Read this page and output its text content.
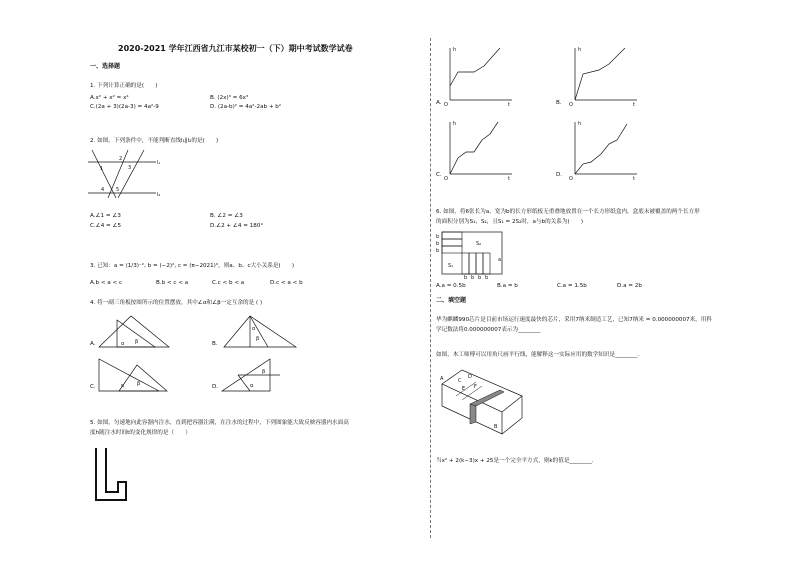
2020-2021 学年江西省九江市某校初一（下）期中考试数学试卷
一、选择题
1. 下列计算正确的是(　　)
A.x² + x² = x⁴	B. (2x)³ = 6x³
C.(2a + 3)(2a-3) = 4a²-9	D. (2a-b)² = 4a²-2ab + b²
2. 如图，下列条件中，不能判断直线l₁∥l₂的是(　　)
1
2
3
4 5
l₁
l₂
A.∠1 = ∠3	B. ∠2 = ∠3
C.∠4 = ∠5	D.∠2 + ∠4 = 180°
3. 已知：a = (1/3)⁻², b = (−2)², c = (π−2021)⁰，则a、b、c大小关系是(　　)
A.b < a < c	B.b < c < a	C.c < b < a	D.c < a < b
4. 将一副三角板按图所示的位置摆放，其中∠α和∠β一定互余的是 ( )
A.	α β	B.
α
β
C.	α	β	D.	α
β
5. 如图，匀速地向此容器内注水，直到把容器注满，在注水的过程中，下列图象能大致反映容器内水面高
度h随注水时间t的变化规律的是（　　）
h
O	t
A.
h
O	t
B.
h
O	t
C.
h
O	t
D.
6. 如图，将6张长为a，宽为b的长方形纸板无重叠地放置在一个长方形纸盒内，盒底未被覆盖的两个长方形
的面积分别为S₁，S₂，且S₁ = 2S₂时，a与b的关系为(　　)
b
b
b
S₁
S₂
a
b b b b
A.a = 0.5b	B.a = b	C.a = 1.5b	D.a = 2b
二、填空题
华为麒麟990芯片是目前市场运行速度最快的芯片，采用7纳米制造工艺，已知7纳米 = 0.000000007米，用科
学记数法将0.000000007表示为________
如图，木工师傅可以用角尺画平行线，能解释这一实际应用的数学知识是________.
A	C
D
E F
B
当x² + 2(k−3)x + 25是一个完全平方式，则k的值是________.
